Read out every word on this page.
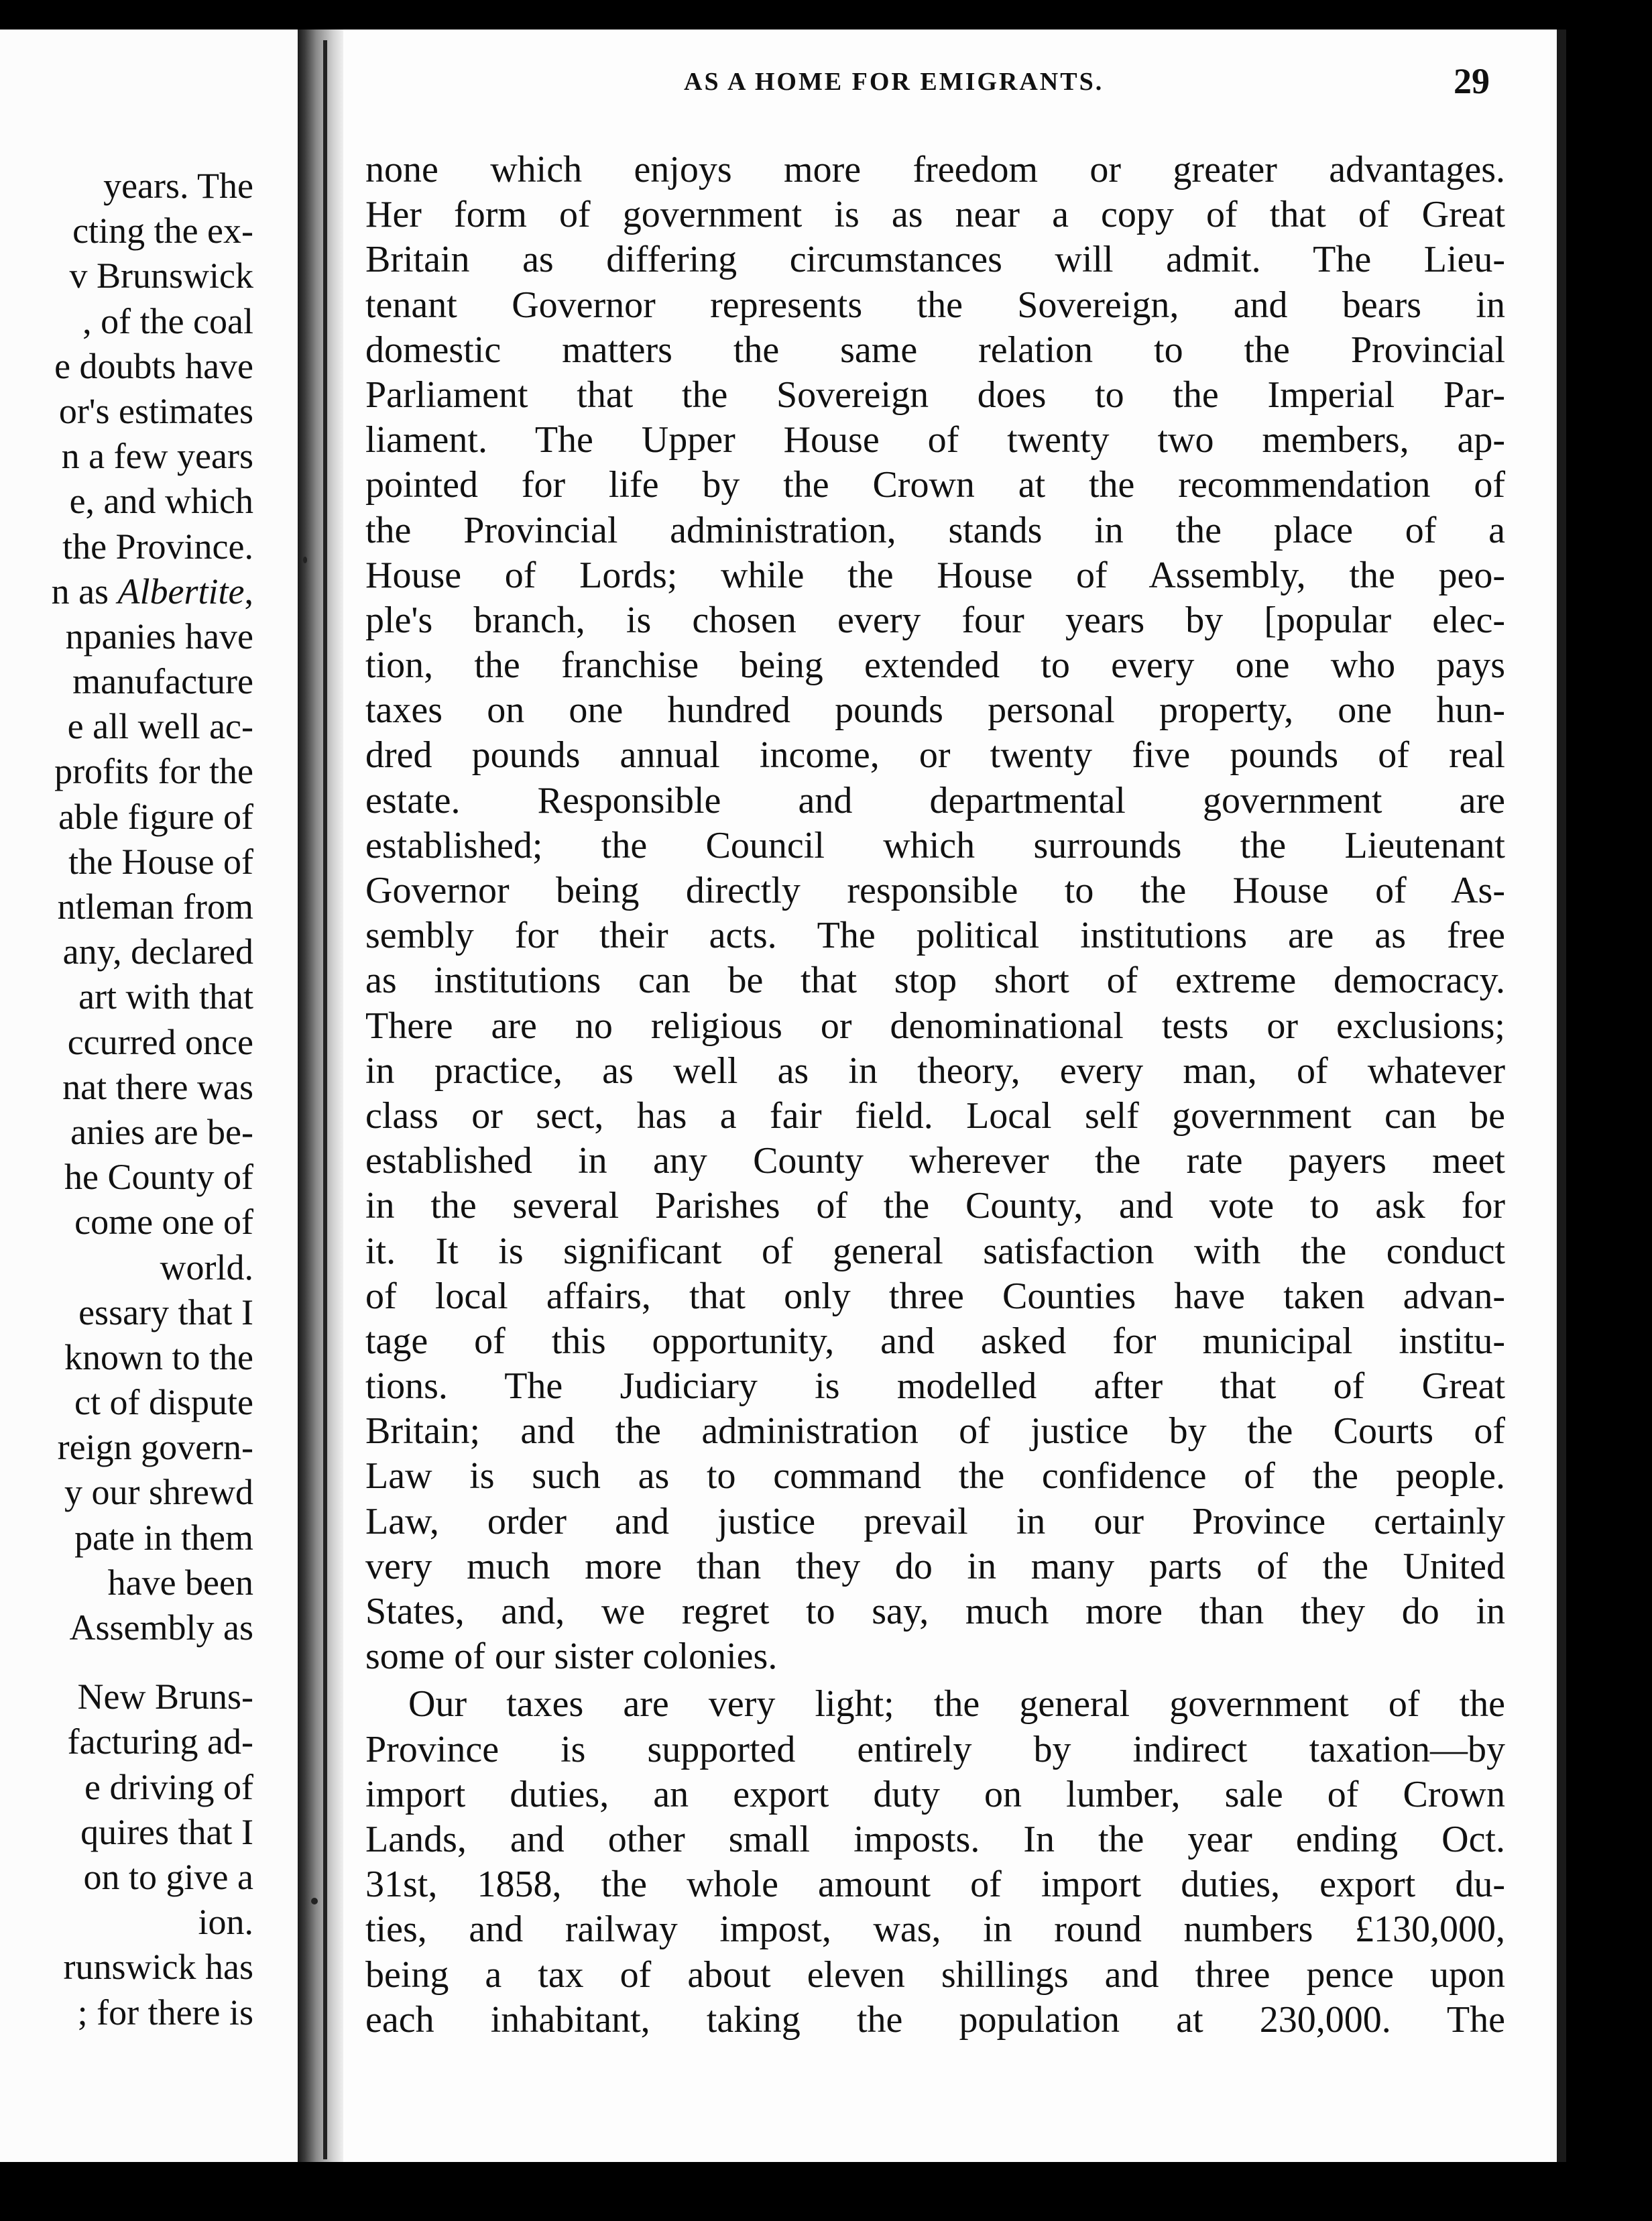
years. The
cting the ex-
v Brunswick
, of the coal
e doubts have
or's estimates
n a few years
e, and which
the Province.
n as Albertite,
npanies have
manufacture
e all well ac-
profits for the
able figure of
the House of
ntleman from
any, declared
art with that
ccurred once
nat there was
anies are be-
he County of
come one of
world.
essary that I
known to the
ct of dispute
reign govern-
y our shrewd
pate in them
have been
Assembly as
New Bruns-
facturing ad-
e driving of
quires that I
on to give a
ion.
runswick has
; for there is
AS A HOME FOR EMIGRANTS.	29
none which enjoys more freedom or greater advantages.
Her form of government is as near a copy of that of Great
Britain as differing circumstances will admit. The Lieu-
tenant Governor represents the Sovereign, and bears in
domestic matters the same relation to the Provincial
Parliament that the Sovereign does to the Imperial Par-
liament. The Upper House of twenty two members, ap-
pointed for life by the Crown at the recommendation of
the Provincial administration, stands in the place of a
House of Lords; while the House of Assembly, the peo-
ple's branch, is chosen every four years by [popular elec-
tion, the franchise being extended to every one who pays
taxes on one hundred pounds personal property, one hun-
dred pounds annual income, or twenty five pounds of real
estate. Responsible and departmental government are
established; the Council which surrounds the Lieutenant
Governor being directly responsible to the House of As-
sembly for their acts. The political institutions are as free
as institutions can be that stop short of extreme democracy.
There are no religious or denominational tests or exclusions;
in practice, as well as in theory, every man, of whatever
class or sect, has a fair field. Local self government can be
established in any County wherever the rate payers meet
in the several Parishes of the County, and vote to ask for
it. It is significant of general satisfaction with the conduct
of local affairs, that only three Counties have taken advan-
tage of this opportunity, and asked for municipal institu-
tions. The Judiciary is modelled after that of Great
Britain; and the administration of justice by the Courts of
Law is such as to command the confidence of the people.
Law, order and justice prevail in our Province certainly
very much more than they do in many parts of the United
States, and, we regret to say, much more than they do in
some of our sister colonies.
Our taxes are very light; the general government of the
Province is supported entirely by indirect taxation—by
import duties, an export duty on lumber, sale of Crown
Lands, and other small imposts. In the year ending Oct.
31st, 1858, the whole amount of import duties, export du-
ties, and railway impost, was, in round numbers £130,000,
being a tax of about eleven shillings and three pence upon
each inhabitant, taking the population at 230,000. The
